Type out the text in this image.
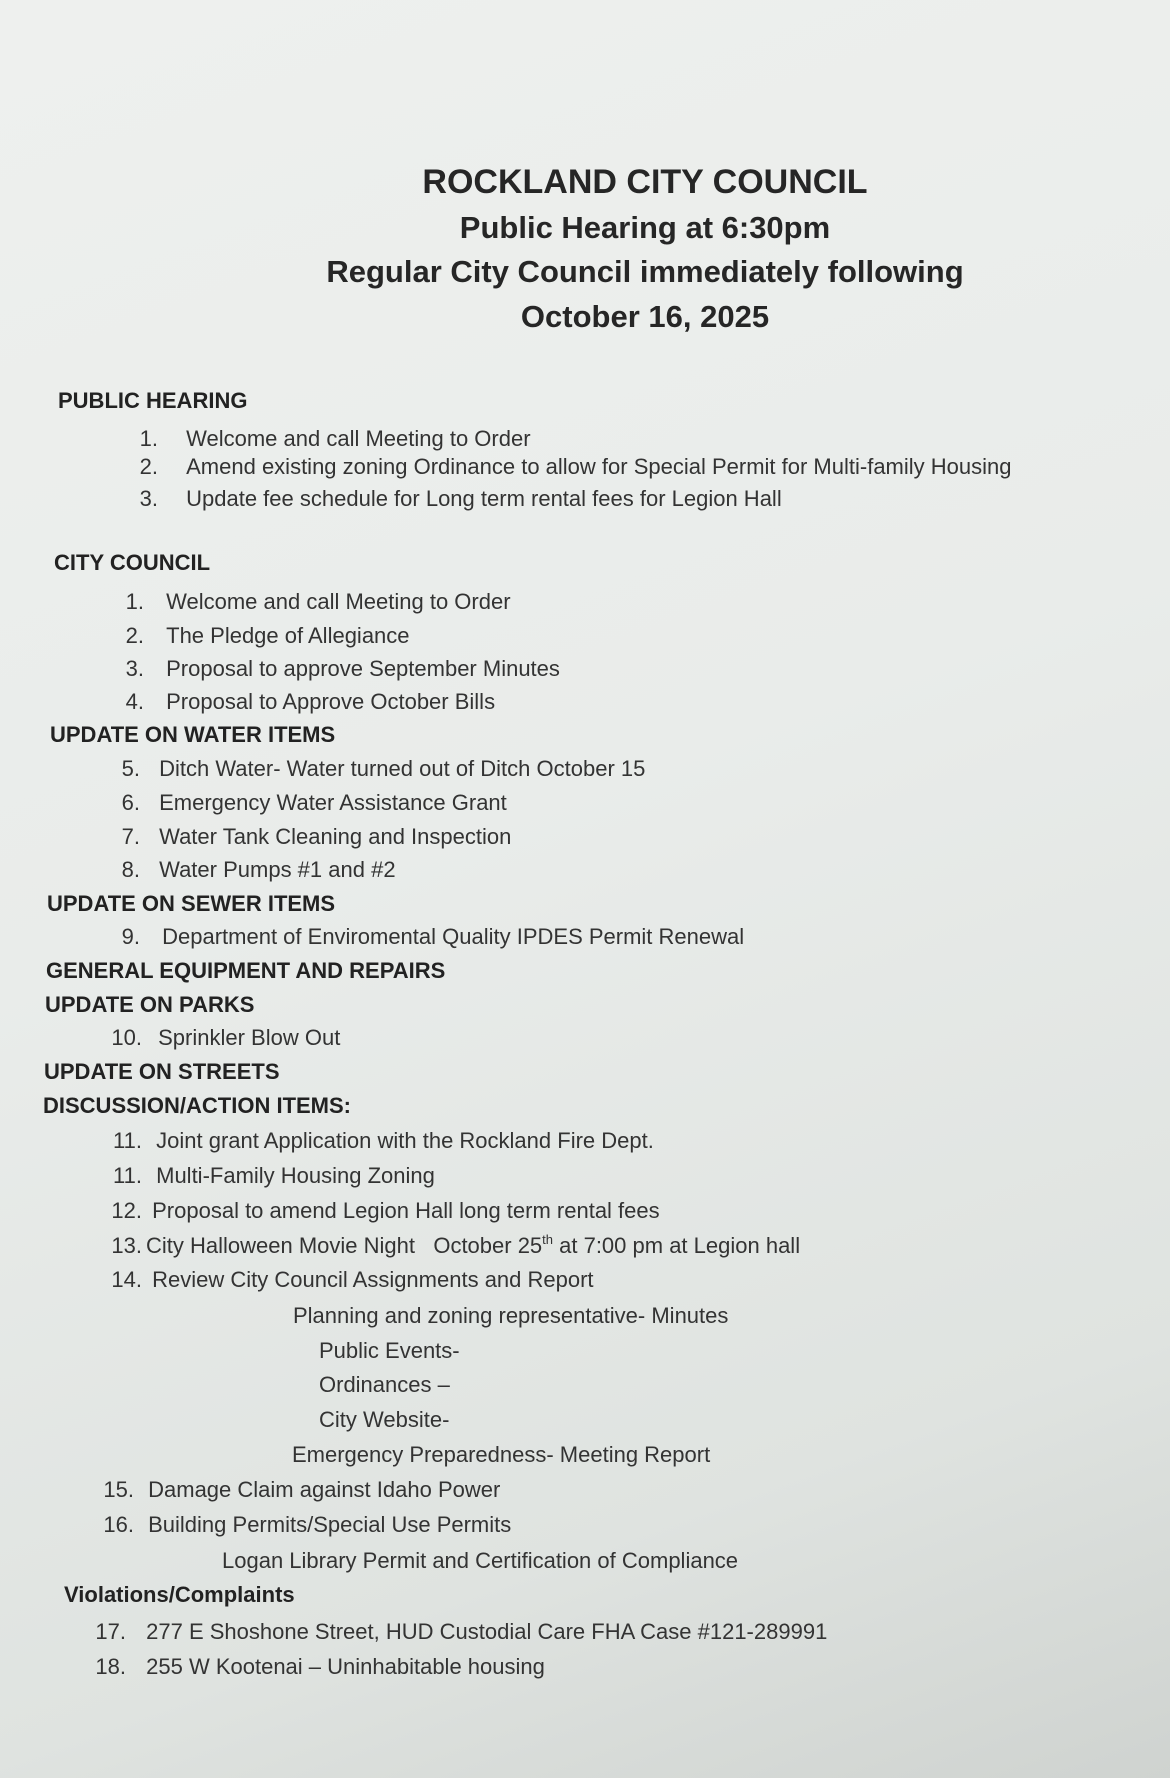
ROCKLAND CITY COUNCIL
Public Hearing at 6:30pm
Regular City Council immediately following
October 16, 2025
PUBLIC HEARING
1. Welcome and call Meeting to Order
2. Amend existing zoning Ordinance to allow for Special Permit for Multi-family Housing
3. Update fee schedule for Long term rental fees for Legion Hall
CITY COUNCIL
1. Welcome and call Meeting to Order
2. The Pledge of Allegiance
3. Proposal to approve September Minutes
4. Proposal to Approve October Bills
UPDATE ON WATER ITEMS
5. Ditch Water- Water turned out of Ditch October 15
6. Emergency Water Assistance Grant
7. Water Tank Cleaning and Inspection
8. Water Pumps #1 and #2
UPDATE ON SEWER ITEMS
9. Department of Enviromental Quality IPDES Permit Renewal
GENERAL EQUIPMENT AND REPAIRS
UPDATE ON PARKS
10. Sprinkler Blow Out
UPDATE ON STREETS
DISCUSSION/ACTION ITEMS:
11. Joint grant Application with the Rockland Fire Dept.
11. Multi-Family Housing Zoning
12. Proposal to amend Legion Hall long term rental fees
13. City Halloween Movie Night   October 25th at 7:00 pm at Legion hall
14. Review City Council Assignments and Report
Planning and zoning representative- Minutes
Public Events-
Ordinances –
City Website-
Emergency Preparedness- Meeting Report
15. Damage Claim against Idaho Power
16. Building Permits/Special Use Permits
Logan Library Permit and Certification of Compliance
Violations/Complaints
17. 277 E Shoshone Street, HUD Custodial Care FHA Case #121-289991
18. 255 W Kootenai – Uninhabitable housing
